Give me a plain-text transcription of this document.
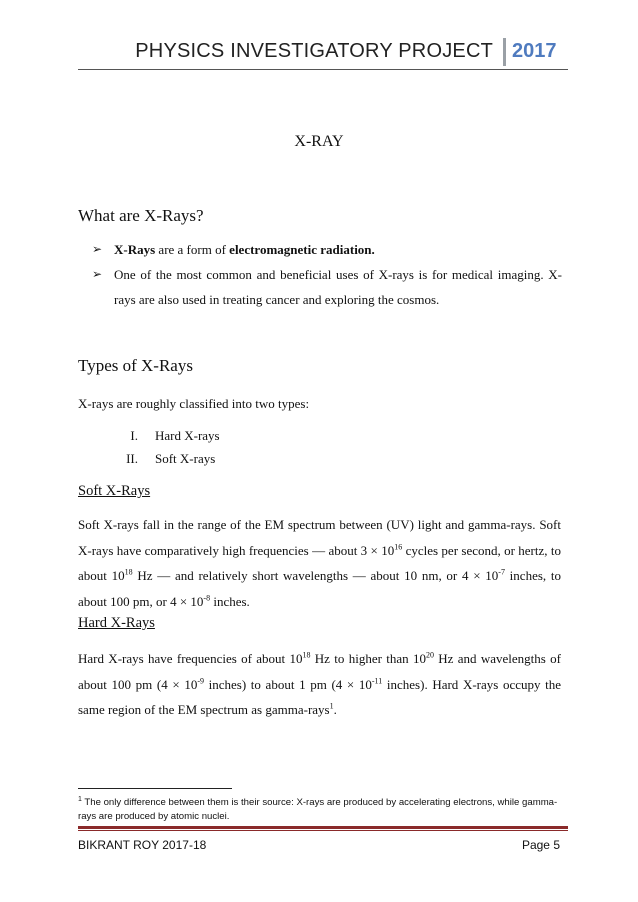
PHYSICS INVESTIGATORY PROJECT 2017
X-RAY
What are X-Rays?
➢ X-Rays are a form of electromagnetic radiation.
➢ One of the most common and beneficial uses of X-rays is for medical imaging. X-rays are also used in treating cancer and exploring the cosmos.
Types of X-Rays
X-rays are roughly classified into two types:
I. Hard X-rays
II. Soft X-rays
Soft X-Rays
Soft X-rays fall in the range of the EM spectrum between (UV) light and gamma-rays. Soft X-rays have comparatively high frequencies — about $3 \times 10^{16}$ cycles per second, or hertz, to about $10^{18}$ Hz — and relatively short wavelengths — about 10 nm, or $4 \times 10^{-7}$ inches, to about 100 pm, or $4 \times 10^{-8}$ inches.
Hard X-Rays
Hard X-rays have frequencies of about $10^{18}$ Hz to higher than $10^{20}$ Hz and wavelengths of about 100 pm ($4 \times 10^{-9}$ inches) to about 1 pm ($4 \times 10^{-11}$ inches). Hard X-rays occupy the same region of the EM spectrum as gamma-rays$^1$.
$^1$ The only difference between them is their source: X-rays are produced by accelerating electrons, while gamma-rays are produced by atomic nuclei.
BIKRANT ROY 2017-18	Page 5
